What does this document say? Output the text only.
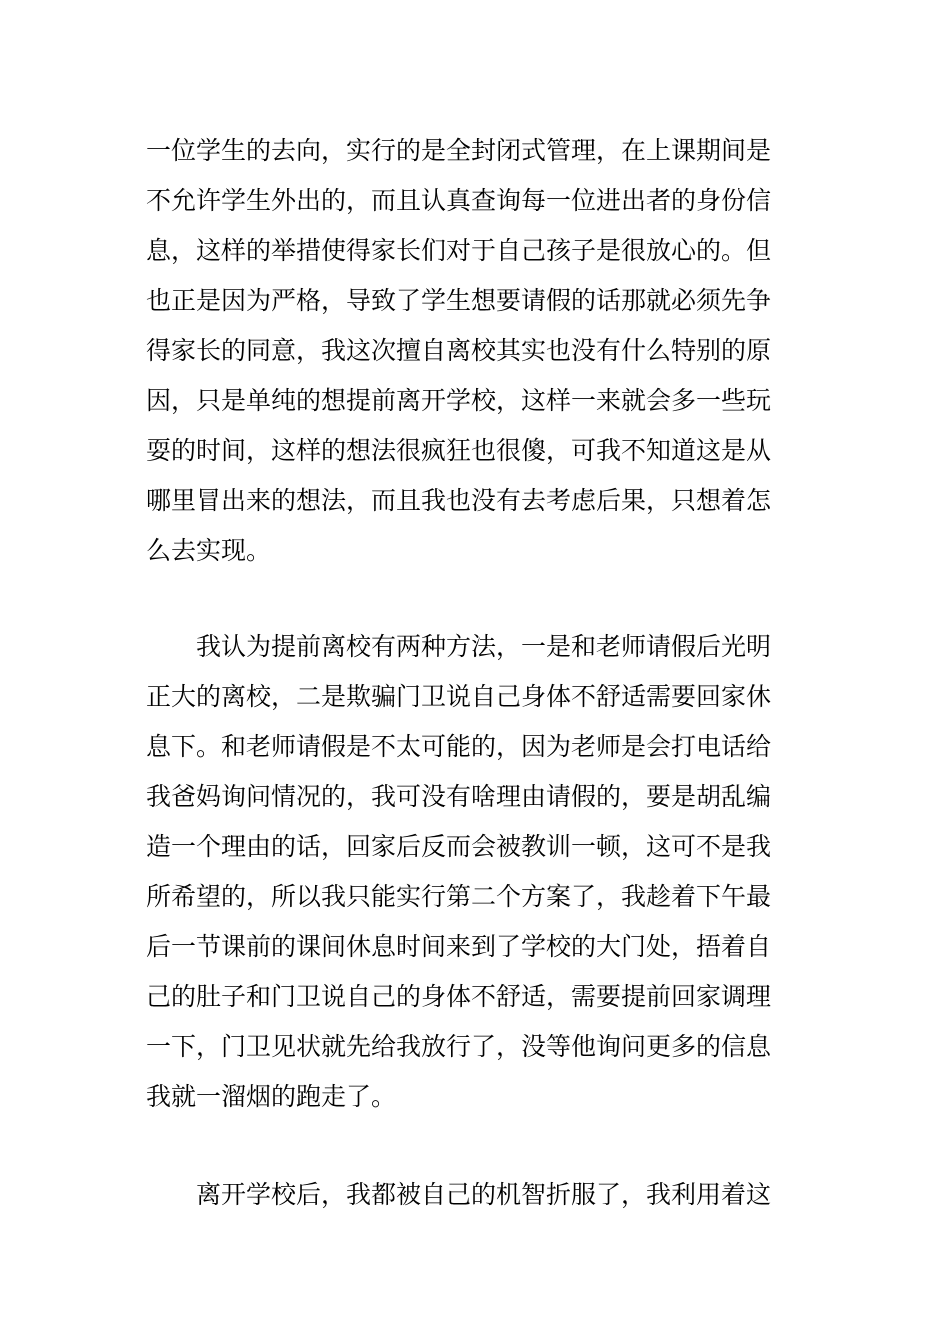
一位学生的去向，实行的是全封闭式管理，在上课期间是
不允许学生外出的，而且认真查询每一位进出者的身份信
息，这样的举措使得家长们对于自己孩子是很放心的。但
也正是因为严格，导致了学生想要请假的话那就必须先争
得家长的同意，我这次擅自离校其实也没有什么特别的原
因，只是单纯的想提前离开学校，这样一来就会多一些玩
耍的时间，这样的想法很疯狂也很傻，可我不知道这是从
哪里冒出来的想法，而且我也没有去考虑后果，只想着怎
么去实现。
我认为提前离校有两种方法，一是和老师请假后光明
正大的离校，二是欺骗门卫说自己身体不舒适需要回家休
息下。和老师请假是不太可能的，因为老师是会打电话给
我爸妈询问情况的，我可没有啥理由请假的，要是胡乱编
造一个理由的话，回家后反而会被教训一顿，这可不是我
所希望的，所以我只能实行第二个方案了，我趁着下午最
后一节课前的课间休息时间来到了学校的大门处，捂着自
己的肚子和门卫说自己的身体不舒适，需要提前回家调理
一下，门卫见状就先给我放行了，没等他询问更多的信息
我就一溜烟的跑走了。
离开学校后，我都被自己的机智折服了，我利用着这
